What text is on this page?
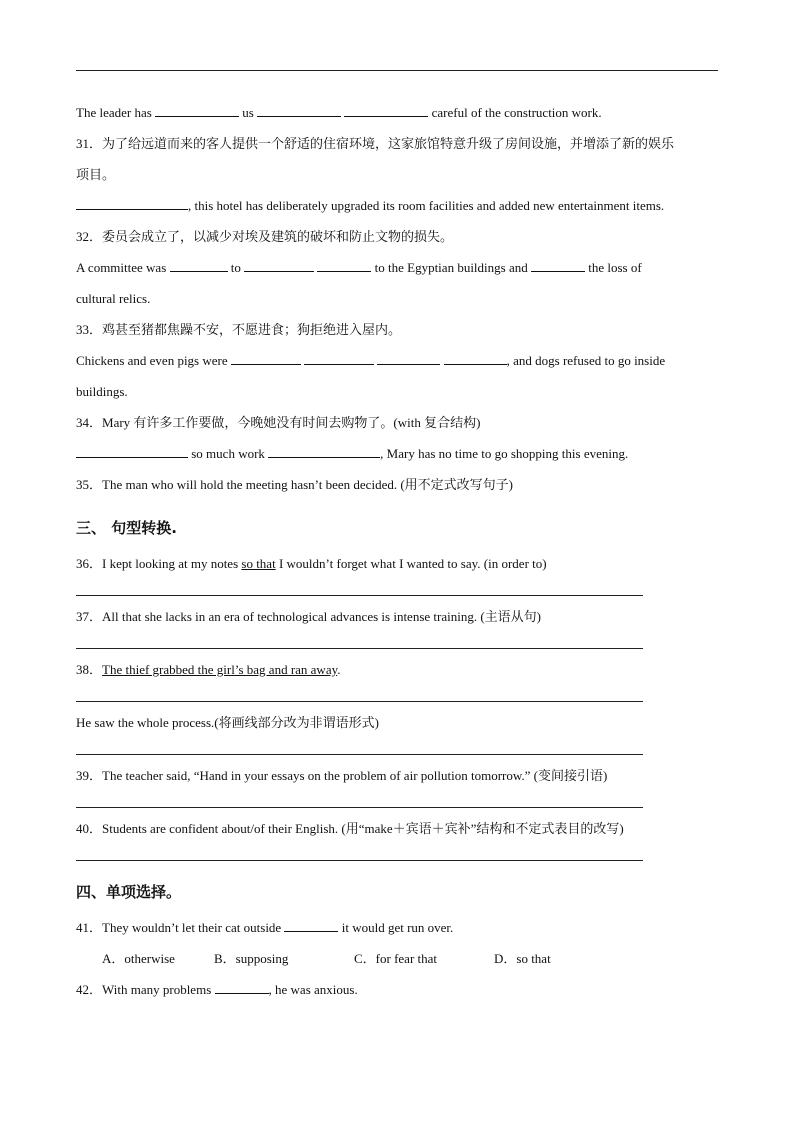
The leader has	us	careful of the construction work.
31．为了给远道而来的客人提供一个舒适的住宿环境，这家旅馆特意升级了房间设施，并增添了新的娱乐
项目。
, this hotel has deliberately upgraded its room facilities and added new entertainment items.
32．委员会成立了，以减少对埃及建筑的破坏和防止文物的损失。
A committee was	to	to the Egyptian buildings and	the loss of
cultural relics.
33．鸡甚至猪都焦躁不安，不愿进食；狗拒绝进入屋内。
Chickens and even pigs were	, and dogs refused to go inside
buildings.
34．Mary 有许多工作要做，今晚她没有时间去购物了。(with 复合结构)
so much work	, Mary has no time to go shopping this evening.
35．The man who will hold the meeting hasn’t been decided. (用不定式改写句子)
三、 句型转换.
36．I kept looking at my notes so that I wouldn’t forget what I wanted to say. (in order to)
37．All that she lacks in an era of technological advances is intense training. (主语从句)
38．The thief grabbed the girl’s bag and ran away.
He saw the whole process.(将画线部分改为非谓语形式)
39．The teacher said, “Hand in your essays on the problem of air pollution tomorrow.” (变间接引语)
40．Students are confident about/of their English. (用“make＋宾语＋宾补”结构和不定式表目的改写)
四、单项选择。
41．They wouldn’t let their cat outside	it would get run over.
A．otherwise	B．supposing	C．for fear that	D．so that
42．With many problems	, he was anxious.
